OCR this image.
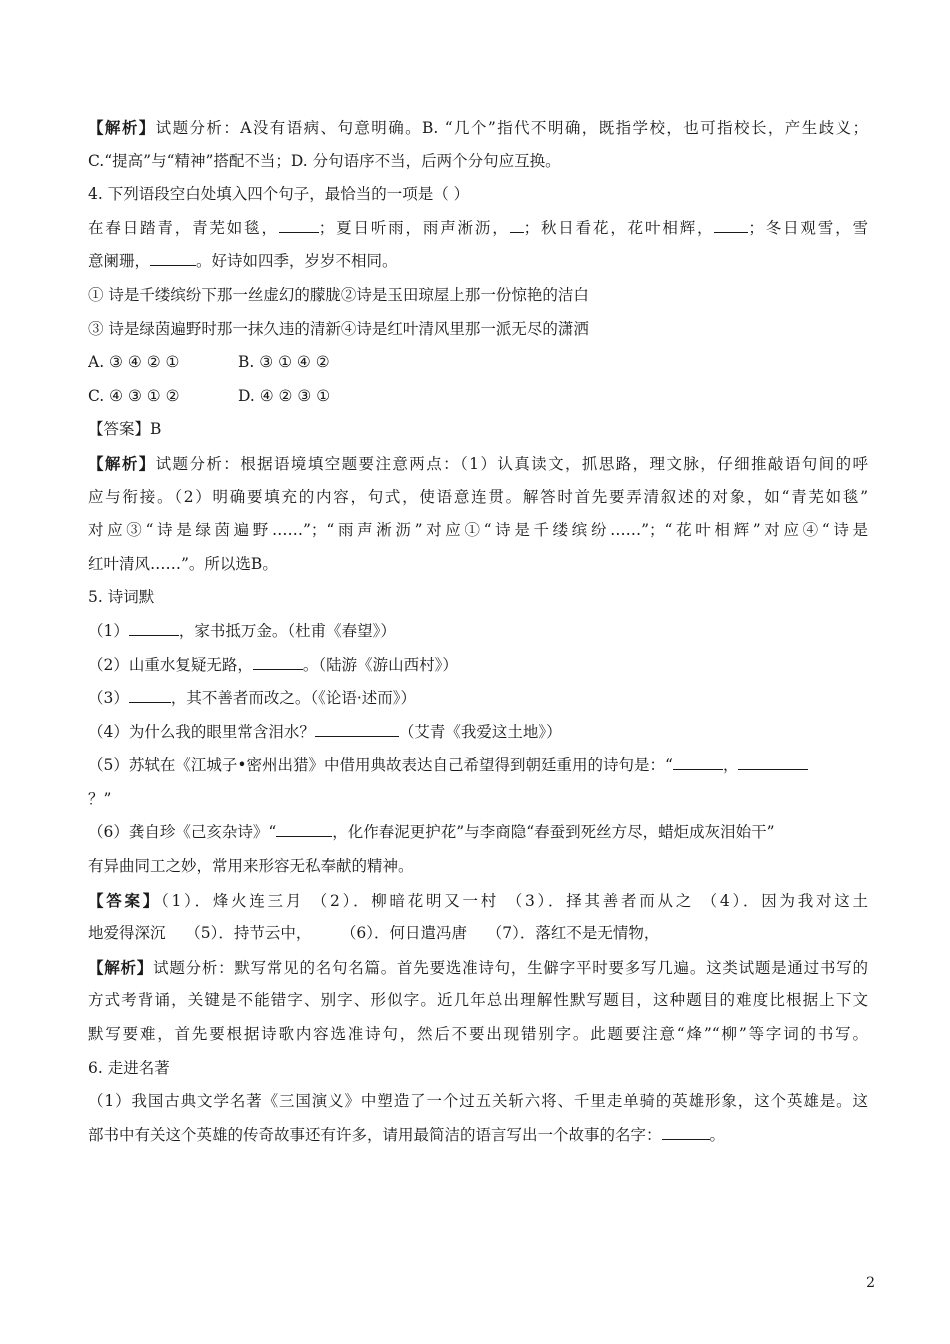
【解析】试题分析：A没有语病、句意明确。B. “几个”指代不明确，既指学校，也可指校长，产生歧义；
C.“提高”与“精神”搭配不当；D. 分句语序不当，后两个分句应互换。
4. 下列语段空白处填入四个句子，最恰当的一项是（ ）
在春日踏青，青芜如毯，	；夏日听雨，雨声淅沥， ；秋日看花，花叶相辉， ；冬日观雪，雪
意阑珊，	。好诗如四季，岁岁不相同。
① 诗是千缕缤纷下那一丝虚幻的朦胧②诗是玉田琼屋上那一份惊艳的洁白
③ 诗是绿茵遍野时那一抹久违的清新④诗是红叶清风里那一派无尽的潇洒
A. ③ ④ ② ①	B. ③ ① ④ ②
C. ④ ③ ① ②	D. ④ ② ③ ①
【答案】B
【解析】试题分析：根据语境填空题要注意两点：（1）认真读文，抓思路，理文脉，仔细推敲语句间的呼
应与衔接。（2）明确要填充的内容，句式，使语意连贯。解答时首先要弄清叙述的对象，如“青芜如毯”
对应③“诗是绿茵遍野……”；“雨声淅沥”对应①“诗是千缕缤纷……”；“花叶相辉”对应④“诗是
红叶清风……”。所以选B。
5. 诗词默
（1）	，家书抵万金。（杜甫《春望》）
（2）山重水复疑无路，	。（陆游《游山西村》）
（3）	，其不善者而改之。（《论语·述而》）
（4）为什么我的眼里常含泪水？	（艾青《我爱这土地》）
（5）苏轼在《江城子•密州出猎》中借用典故表达自己希望得到朝廷重用的诗句是：“	，
？”
（6）龚自珍《己亥杂诗》“	，化作春泥更护花”与李商隐“春蚕到死丝方尽，蜡炬成灰泪始干”
有异曲同工之妙，常用来形容无私奉献的精神。
【答案】（1）．烽火连三月 （2）．柳暗花明又一村 （3）．择其善者而从之 （4）．因为我对这土
地爱得深沉    （5）．持节云中，      （6）．何日遣冯唐    （7）．落红不是无情物，
【解析】试题分析：默写常见的名句名篇。首先要选准诗句，生僻字平时要多写几遍。这类试题是通过书写的
方式考背诵，关键是不能错字、别字、形似字。近几年总出理解性默写题目，这种题目的难度比根据上下文
默写要难，首先要根据诗歌内容选准诗句，然后不要出现错别字。此题要注意“烽”“柳”等字词的书写。
6. 走进名著
（1）我国古典文学名著《三国演义》中塑造了一个过五关斩六将、千里走单骑的英雄形象，这个英雄是。这
部书中有关这个英雄的传奇故事还有许多，请用最简洁的语言写出一个故事的名字：	。
2
